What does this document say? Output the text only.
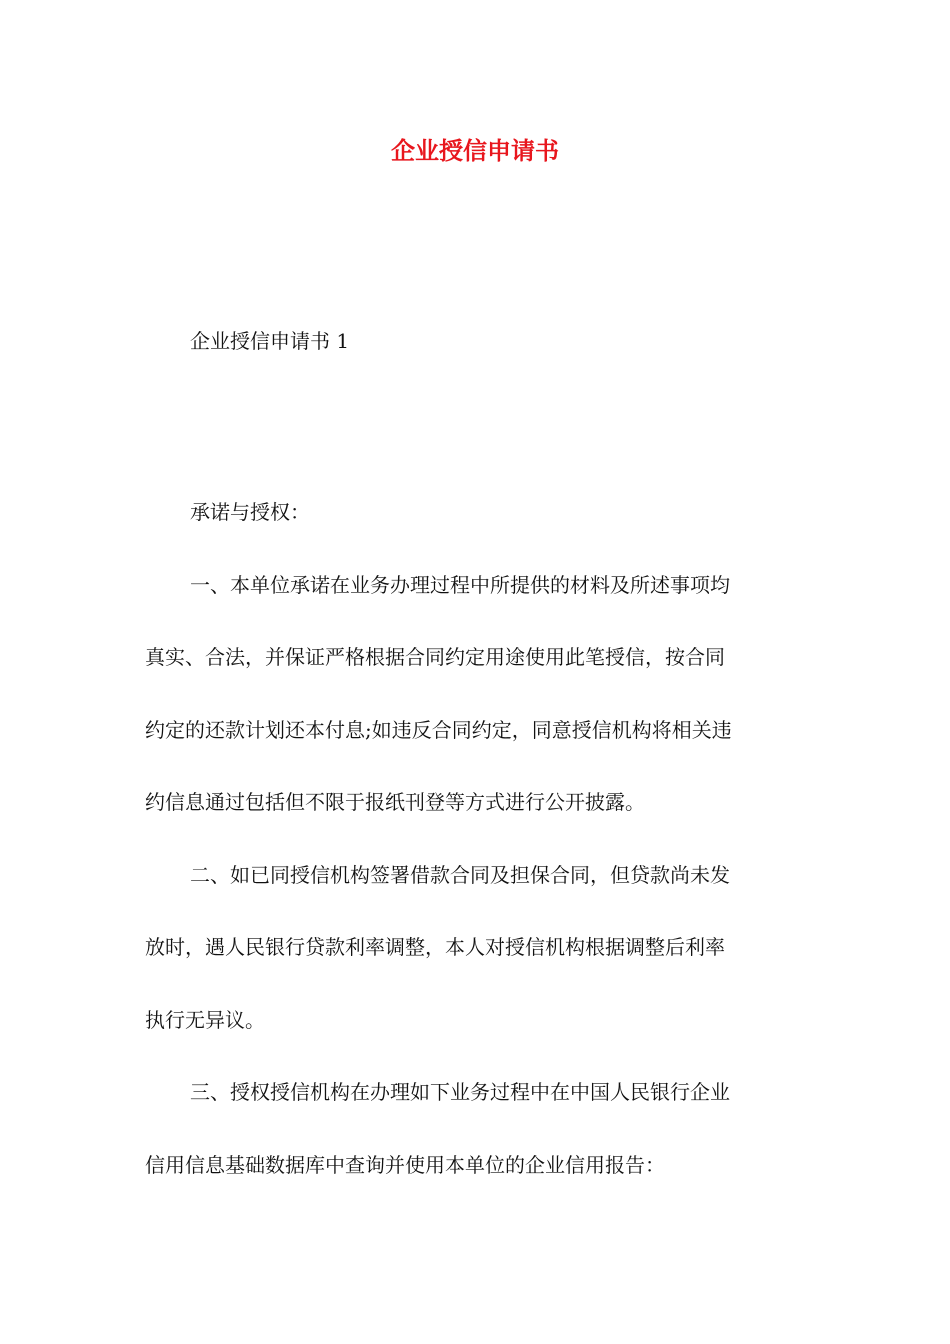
企业授信申请书
企业授信申请书 1

承诺与授权：

一、本单位承诺在业务办理过程中所提供的材料及所述事项均
真实、合法，并保证严格根据合同约定用途使用此笔授信，按合同
约定的还款计划还本付息;如违反合同约定，同意授信机构将相关违
约信息通过包括但不限于报纸刊登等方式进行公开披露。

二、如已同授信机构签署借款合同及担保合同，但贷款尚未发
放时，遇人民银行贷款利率调整，本人对授信机构根据调整后利率
执行无异议。

三、授权授信机构在办理如下业务过程中在中国人民银行企业
信用信息基础数据库中查询并使用本单位的企业信用报告：
